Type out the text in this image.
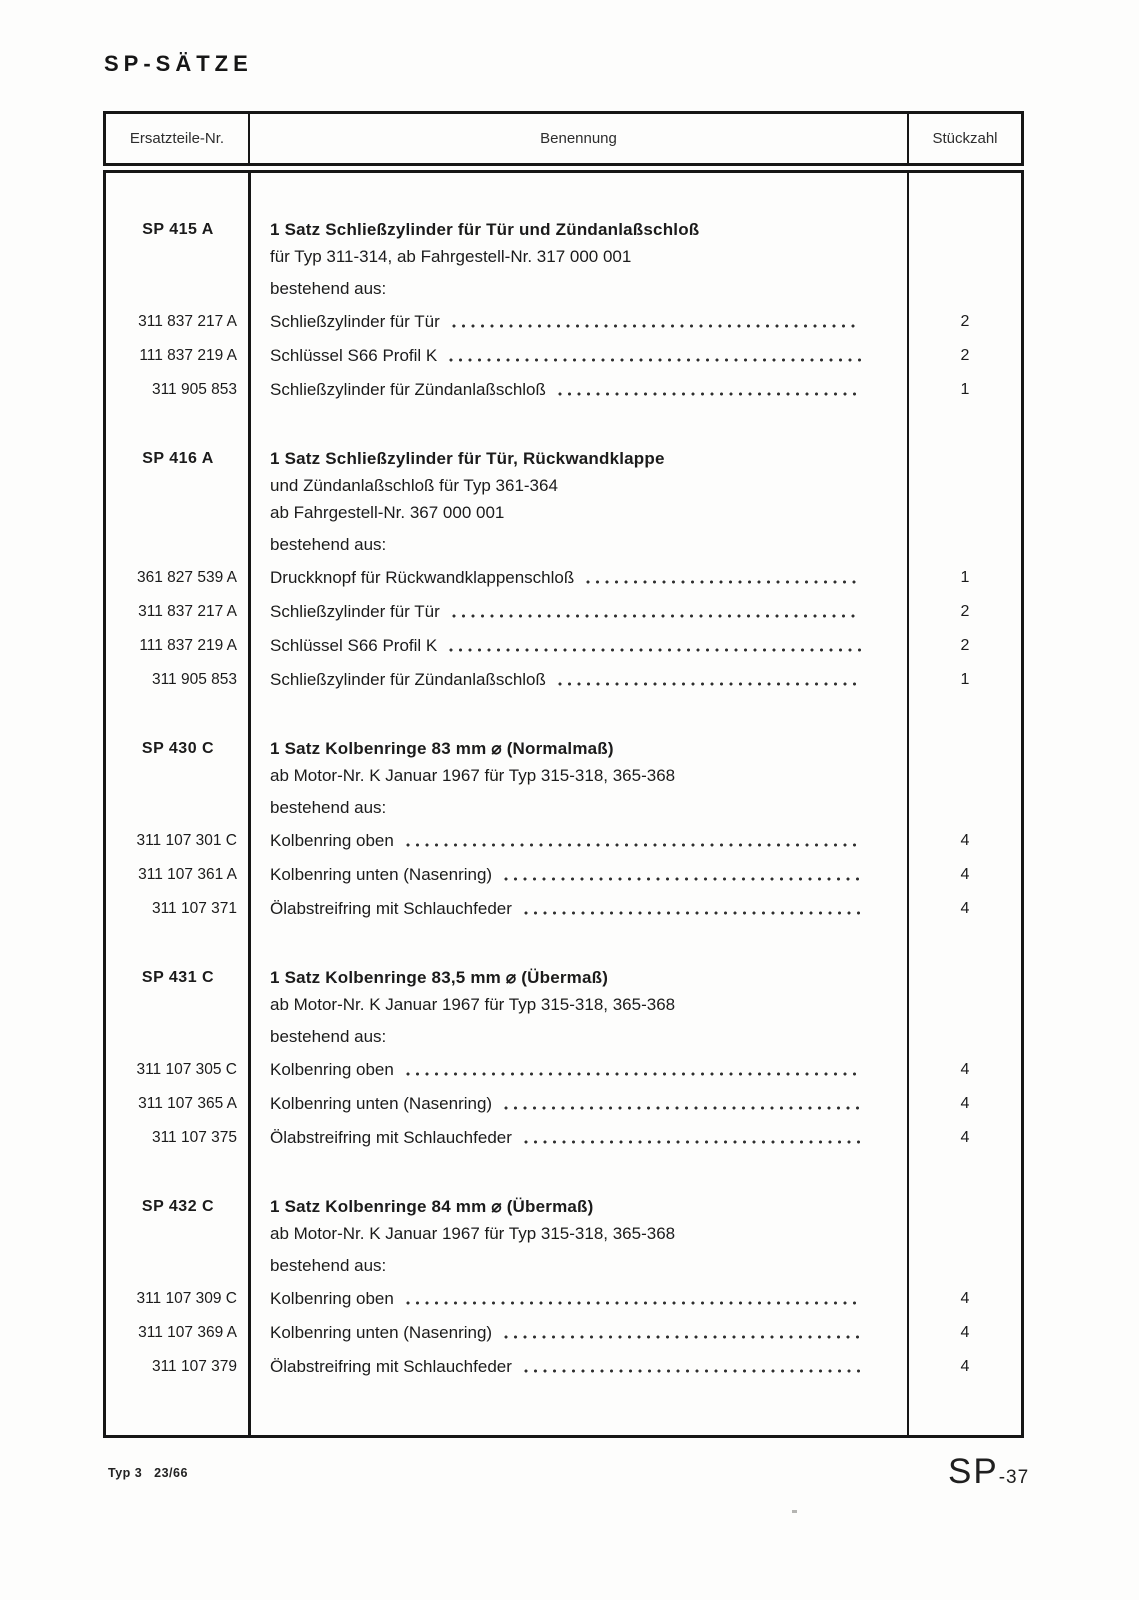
SP-SÄTZE
Ersatzteile-Nr.	Benennung	Stückzahl
SP 415 A	1 Satz Schließzylinder für Tür und Zündanlaßschloß
für Typ 311-314, ab Fahrgestell-Nr. 317 000 001
bestehend aus:
311 837 217 A	Schließzylinder für Tür	2
111 837 219 A	Schlüssel S66 Profil K	2
311 905 853	Schließzylinder für Zündanlaßschloß	1
SP 416 A	1 Satz Schließzylinder für Tür, Rückwandklappe
und Zündanlaßschloß für Typ 361-364
ab Fahrgestell-Nr. 367 000 001
bestehend aus:
361 827 539 A	Druckknopf für Rückwandklappenschloß	1
311 837 217 A	Schließzylinder für Tür	2
111 837 219 A	Schlüssel S66 Profil K	2
311 905 853	Schließzylinder für Zündanlaßschloß	1
SP 430 C	1 Satz Kolbenringe 83 mm ⌀ (Normalmaß)
ab Motor-Nr. K Januar 1967 für Typ 315-318, 365-368
bestehend aus:
311 107 301 C	Kolbenring oben	4
311 107 361 A	Kolbenring unten (Nasenring)	4
311 107 371	Ölabstreifring mit Schlauchfeder	4
SP 431 C	1 Satz Kolbenringe 83,5 mm ⌀ (Übermaß)
ab Motor-Nr. K Januar 1967 für Typ 315-318, 365-368
bestehend aus:
311 107 305 C	Kolbenring oben	4
311 107 365 A	Kolbenring unten (Nasenring)	4
311 107 375	Ölabstreifring mit Schlauchfeder	4
SP 432 C	1 Satz Kolbenringe 84 mm ⌀ (Übermaß)
ab Motor-Nr. K Januar 1967 für Typ 315-318, 365-368
bestehend aus:
311 107 309 C	Kolbenring oben	4
311 107 369 A	Kolbenring unten (Nasenring)	4
311 107 379	Ölabstreifring mit Schlauchfeder	4
Typ 3   23/66	SP -37
